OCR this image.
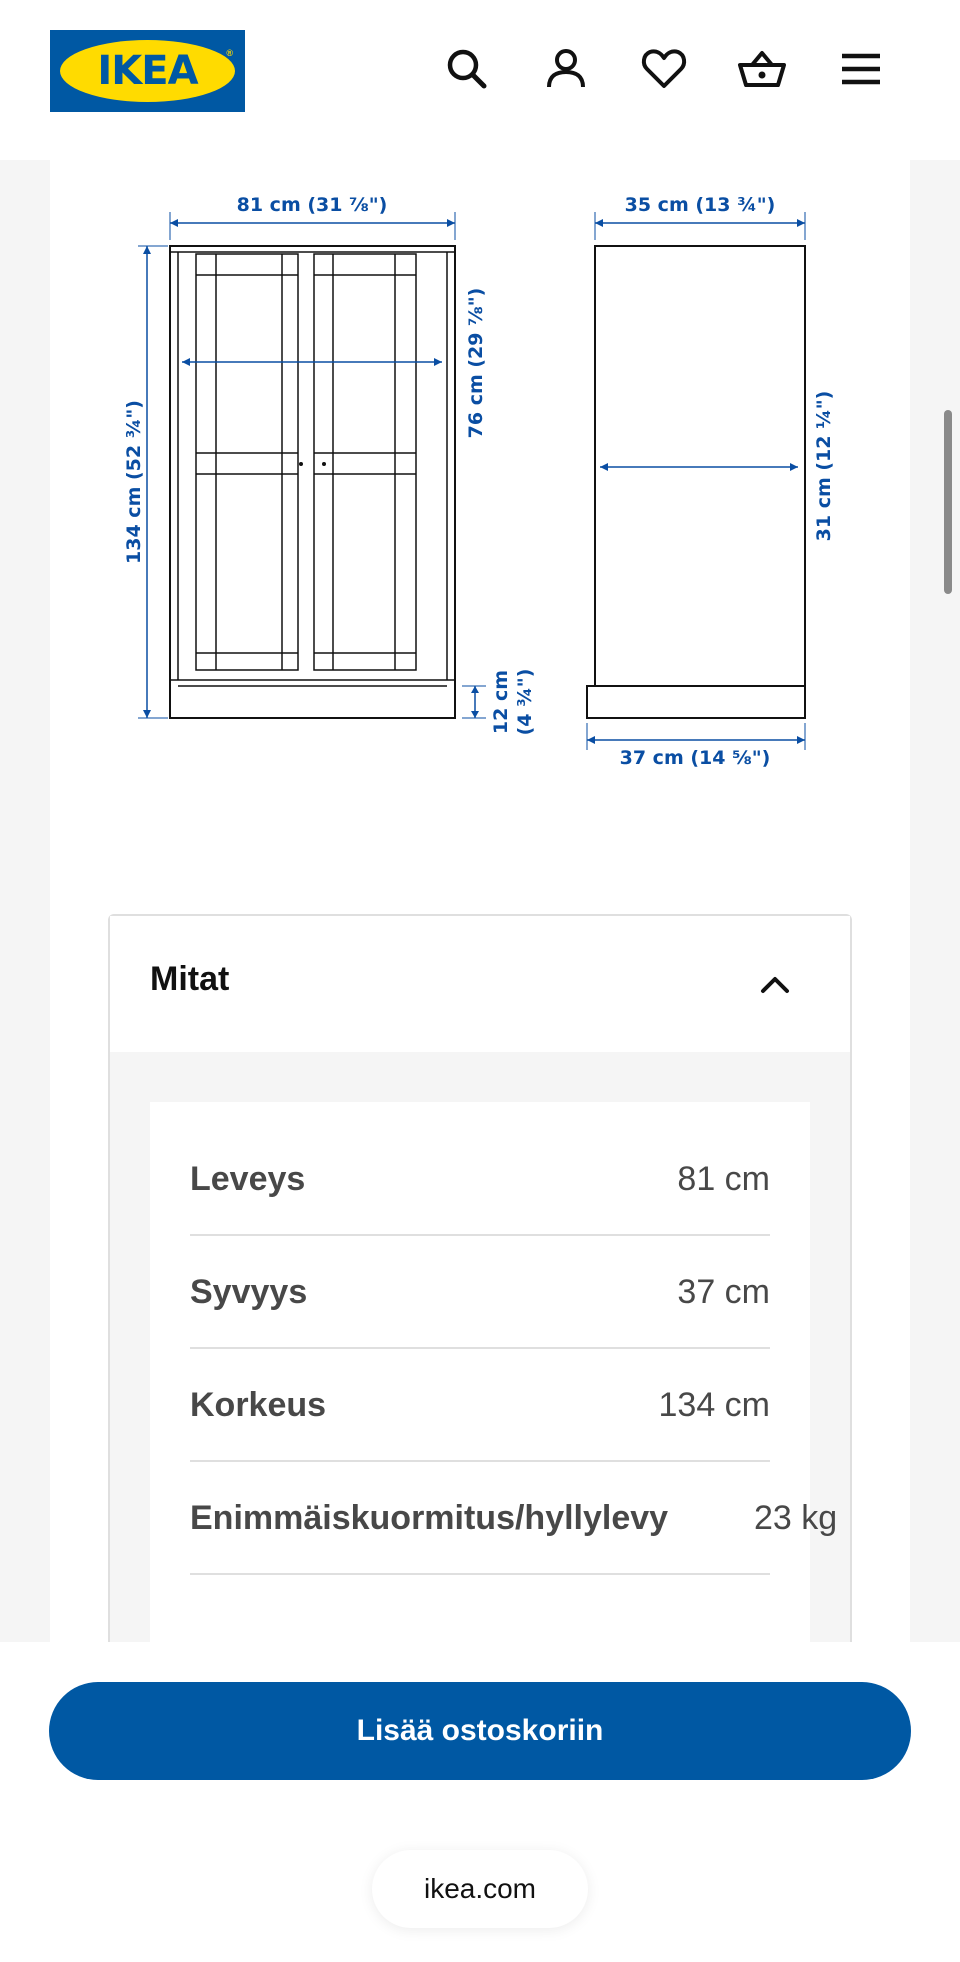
IKEA	®
81 cm (31 ⅞")
134 cm (52 ¾")
76 cm (29 ⅞")
12 cm (4 ¾")
35 cm (13 ¾")
31 cm (12 ¼")
37 cm (14 ⅝")
Mitat
Leveys	81 cm
Syvyys	37 cm
Korkeus	134 cm
Enimmäiskuormitus/hyllylevy	23 kg
Lisää ostoskoriin
ikea.com
